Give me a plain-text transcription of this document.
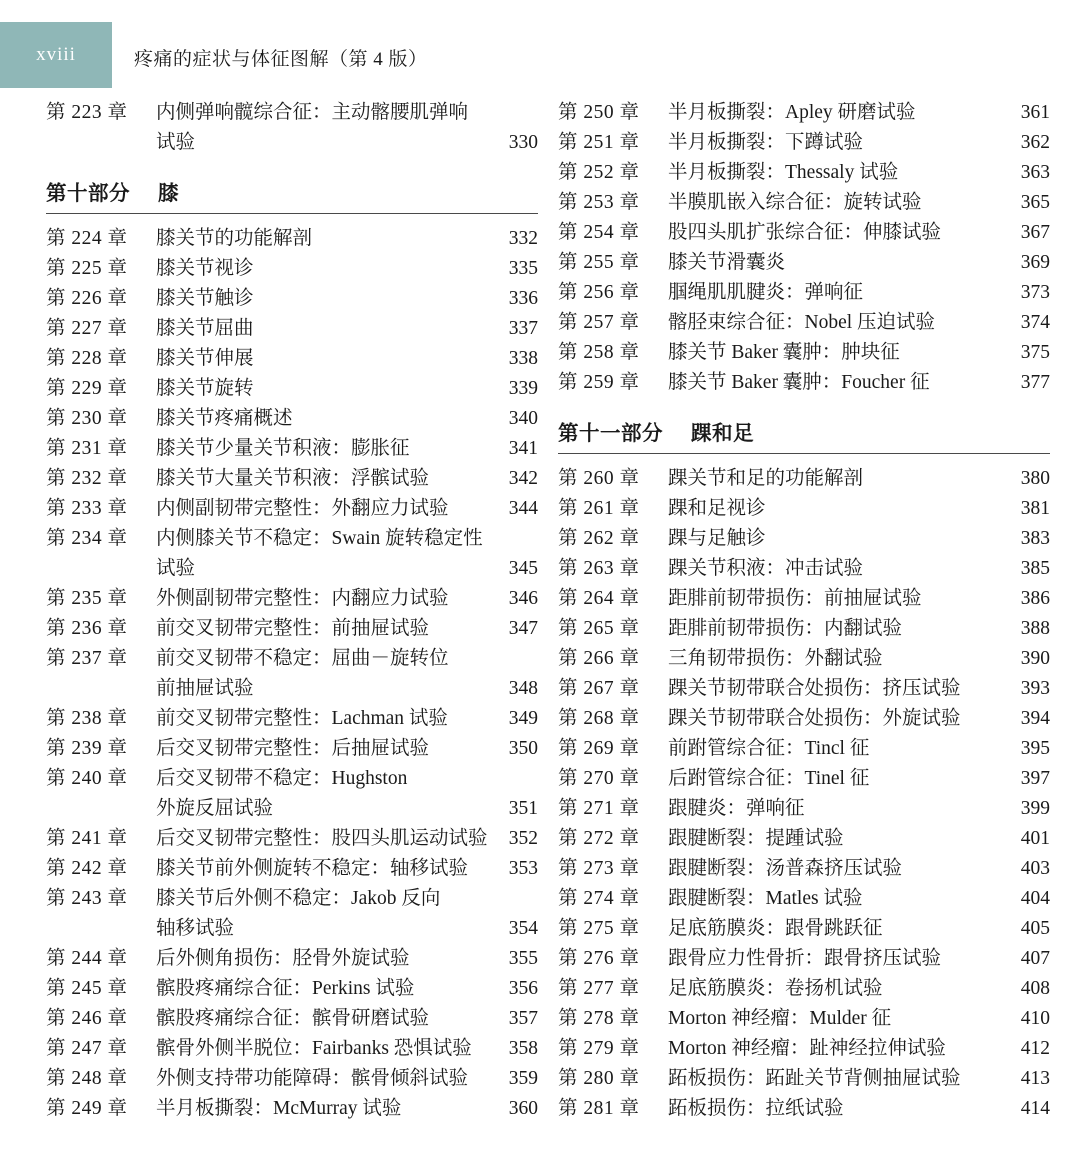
xviii	疼痛的症状与体征图解（第 4 版）
第 223 章	内侧弹响髋综合征：主动髂腰肌弹响

试验	330
第十部分 膝
第 224 章	膝关节的功能解剖	332
第 225 章	膝关节视诊	335
第 226 章	膝关节触诊	336
第 227 章	膝关节屈曲	337
第 228 章	膝关节伸展	338
第 229 章	膝关节旋转	339
第 230 章	膝关节疼痛概述	340
第 231 章	膝关节少量关节积液：膨胀征	341
第 232 章	膝关节大量关节积液：浮髌试验	342
第 233 章	内侧副韧带完整性：外翻应力试验	344
第 234 章	内侧膝关节不稳定：Swain 旋转稳定性

试验	345
第 235 章	外侧副韧带完整性：内翻应力试验	346
第 236 章	前交叉韧带完整性：前抽屉试验	347
第 237 章	前交叉韧带不稳定：屈曲－旋转位

前抽屉试验	348
第 238 章	前交叉韧带完整性：Lachman 试验	349
第 239 章	后交叉韧带完整性：后抽屉试验	350
第 240 章	后交叉韧带不稳定：Hughston

外旋反屈试验	351
第 241 章	后交叉韧带完整性：股四头肌运动试验	352
第 242 章	膝关节前外侧旋转不稳定：轴移试验	353
第 243 章	膝关节后外侧不稳定：Jakob 反向

轴移试验	354
第 244 章	后外侧角损伤：胫骨外旋试验	355
第 245 章	髌股疼痛综合征：Perkins 试验	356
第 246 章	髌股疼痛综合征：髌骨研磨试验	357
第 247 章	髌骨外侧半脱位：Fairbanks 恐惧试验	358
第 248 章	外侧支持带功能障碍：髌骨倾斜试验	359
第 249 章	半月板撕裂：McMurray 试验	360
第 250 章	半月板撕裂：Apley 研磨试验	361
第 251 章	半月板撕裂：下蹲试验	362
第 252 章	半月板撕裂：Thessaly 试验	363
第 253 章	半膜肌嵌入综合征：旋转试验	365
第 254 章	股四头肌扩张综合征：伸膝试验	367
第 255 章	膝关节滑囊炎	369
第 256 章	腘绳肌肌腱炎：弹响征	373
第 257 章	髂胫束综合征：Nobel 压迫试验	374
第 258 章	膝关节 Baker 囊肿：肿块征	375
第 259 章	膝关节 Baker 囊肿：Foucher 征	377
第十一部分 踝和足
第 260 章	踝关节和足的功能解剖	380
第 261 章	踝和足视诊	381
第 262 章	踝与足触诊	383
第 263 章	踝关节积液：冲击试验	385
第 264 章	距腓前韧带损伤：前抽屉试验	386
第 265 章	距腓前韧带损伤：内翻试验	388
第 266 章	三角韧带损伤：外翻试验	390
第 267 章	踝关节韧带联合处损伤：挤压试验	393
第 268 章	踝关节韧带联合处损伤：外旋试验	394
第 269 章	前跗管综合征：Tincl 征	395
第 270 章	后跗管综合征：Tinel 征	397
第 271 章	跟腱炎：弹响征	399
第 272 章	跟腱断裂：提踵试验	401
第 273 章	跟腱断裂：汤普森挤压试验	403
第 274 章	跟腱断裂：Matles 试验	404
第 275 章	足底筋膜炎：跟骨跳跃征	405
第 276 章	跟骨应力性骨折：跟骨挤压试验	407
第 277 章	足底筋膜炎：卷扬机试验	408
第 278 章	Morton 神经瘤：Mulder 征	410
第 279 章	Morton 神经瘤：趾神经拉伸试验	412
第 280 章	跖板损伤：跖趾关节背侧抽屉试验	413
第 281 章	跖板损伤：拉纸试验	414
